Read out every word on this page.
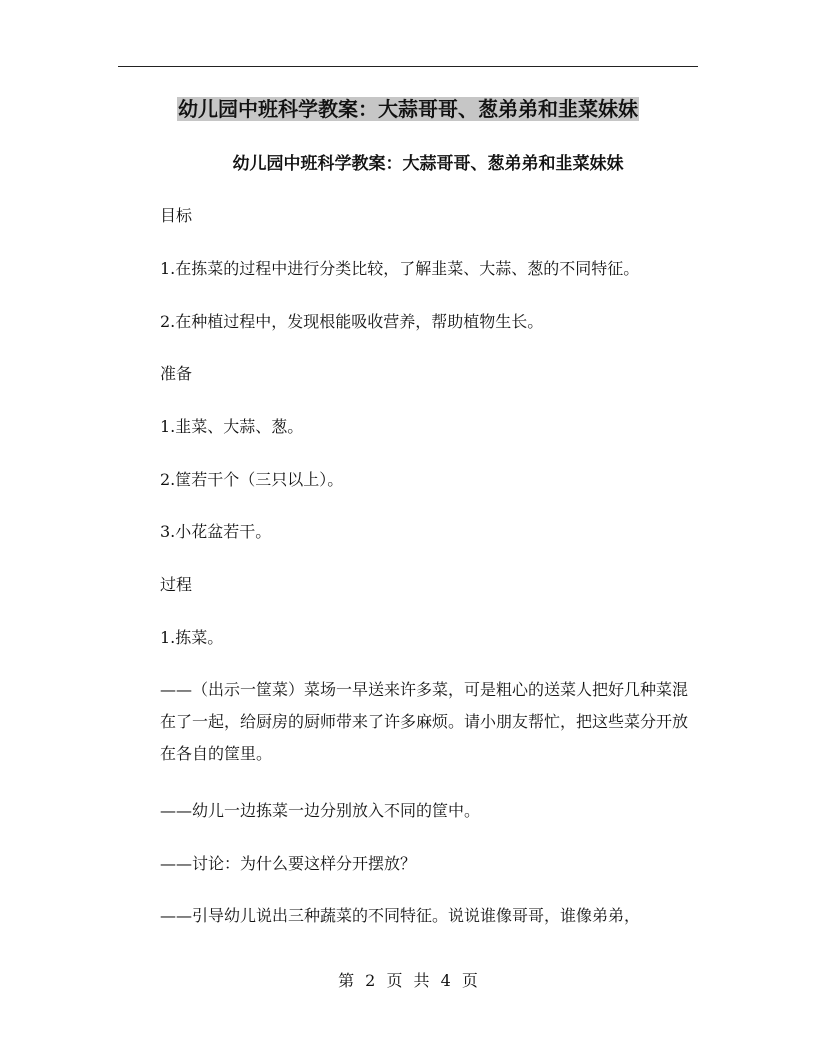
幼儿园中班科学教案：大蒜哥哥、葱弟弟和韭菜妹妹
幼儿园中班科学教案：大蒜哥哥、葱弟弟和韭菜妹妹

目标

1.在拣菜的过程中进行分类比较，了解韭菜、大蒜、葱的不同特征。

2.在种植过程中，发现根能吸收营养，帮助植物生长。

准备

1.韭菜、大蒜、葱。

2.筐若干个（三只以上）。

3.小花盆若干。

过程

1.拣菜。

——（出示一筐菜）菜场一早送来许多菜，可是粗心的送菜人把好几种菜混在了一起，给厨房的厨师带来了许多麻烦。请小朋友帮忙，把这些菜分开放在各自的筐里。

——幼儿一边拣菜一边分别放入不同的筐中。

——讨论：为什么要这样分开摆放？

——引导幼儿说出三种蔬菜的不同特征。说说谁像哥哥，谁像弟弟，

第 2 页 共 4 页
